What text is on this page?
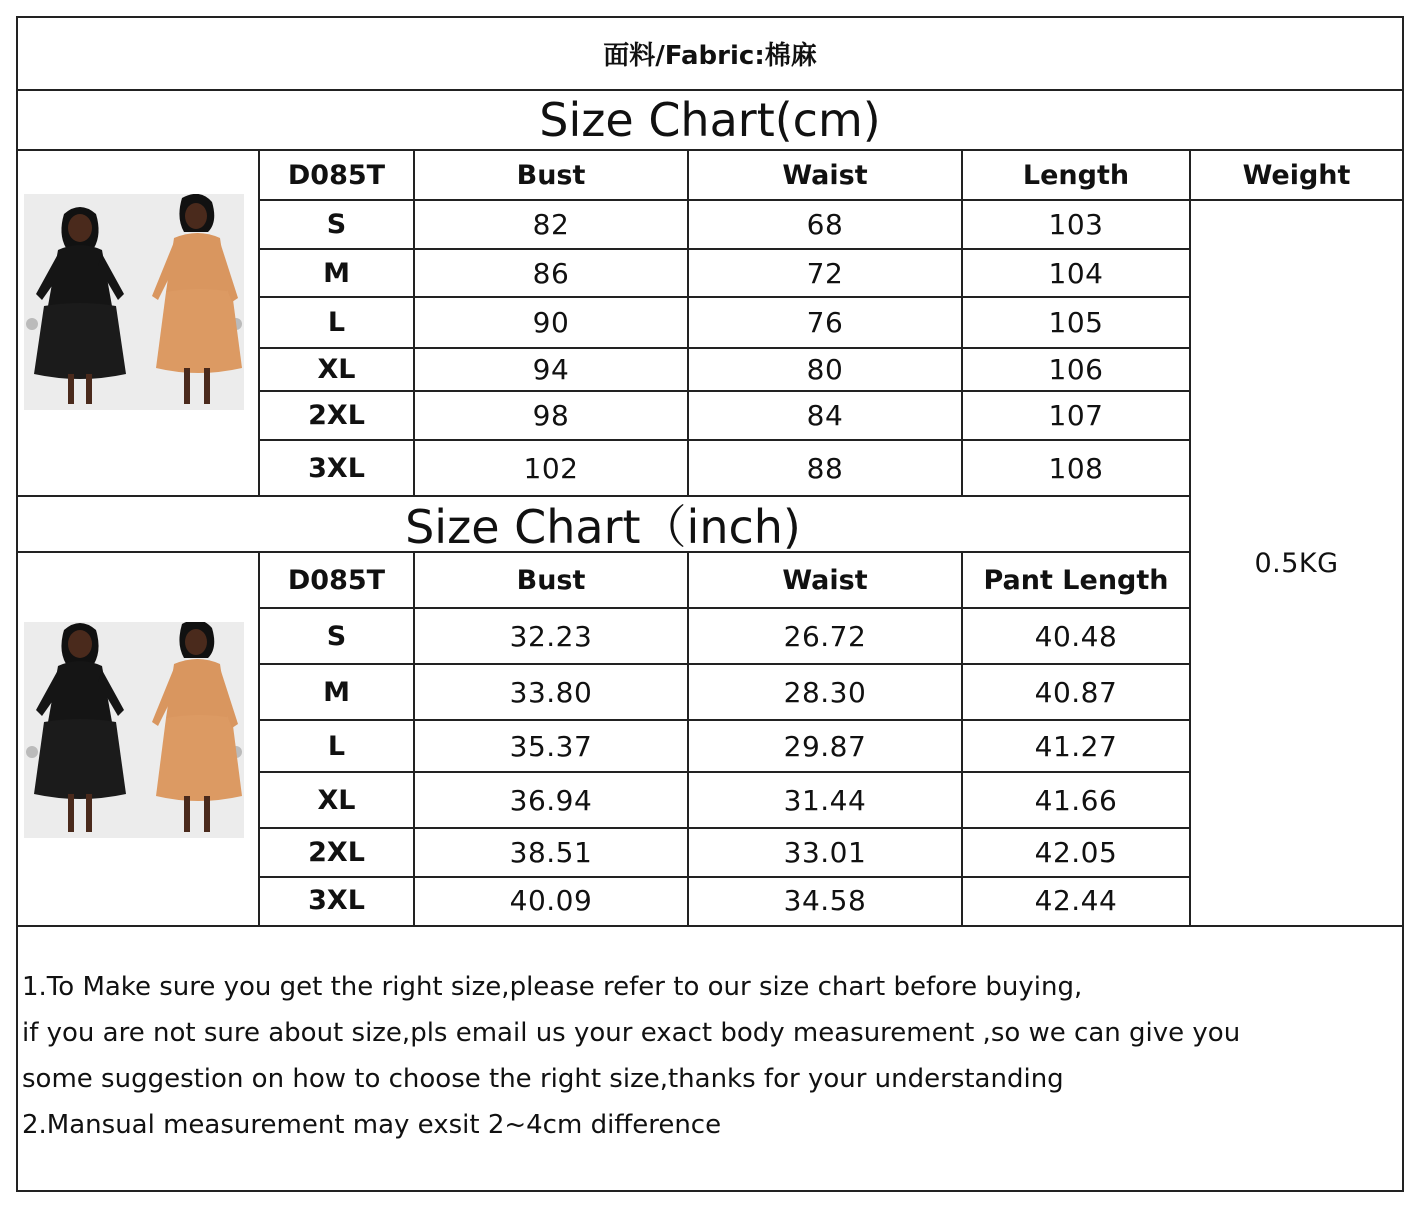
面料/Fabric:棉麻
Size Chart(cm)
D085T	Bust	Waist	Length	Weight
S	82	68	103
M	86	72	104
L	90	76	105
XL	94	80	106
2XL	98	84	107
3XL	102	88	108
Size Chart（inch)
D085T	Bust	Waist	Pant Length
S	32.23	26.72	40.48
M	33.80	28.30	40.87
L	35.37	29.87	41.27
XL	36.94	31.44	41.66
2XL	38.51	33.01	42.05
3XL	40.09	34.58	42.44
0.5KG
1.To Make sure you get the right size,please refer to our size chart before buying,
if you are not sure about size,pls email us your exact body measurement ,so we can give you
some suggestion on how to choose the right size,thanks for your understanding
2.Mansual measurement may exsit 2~4cm difference
